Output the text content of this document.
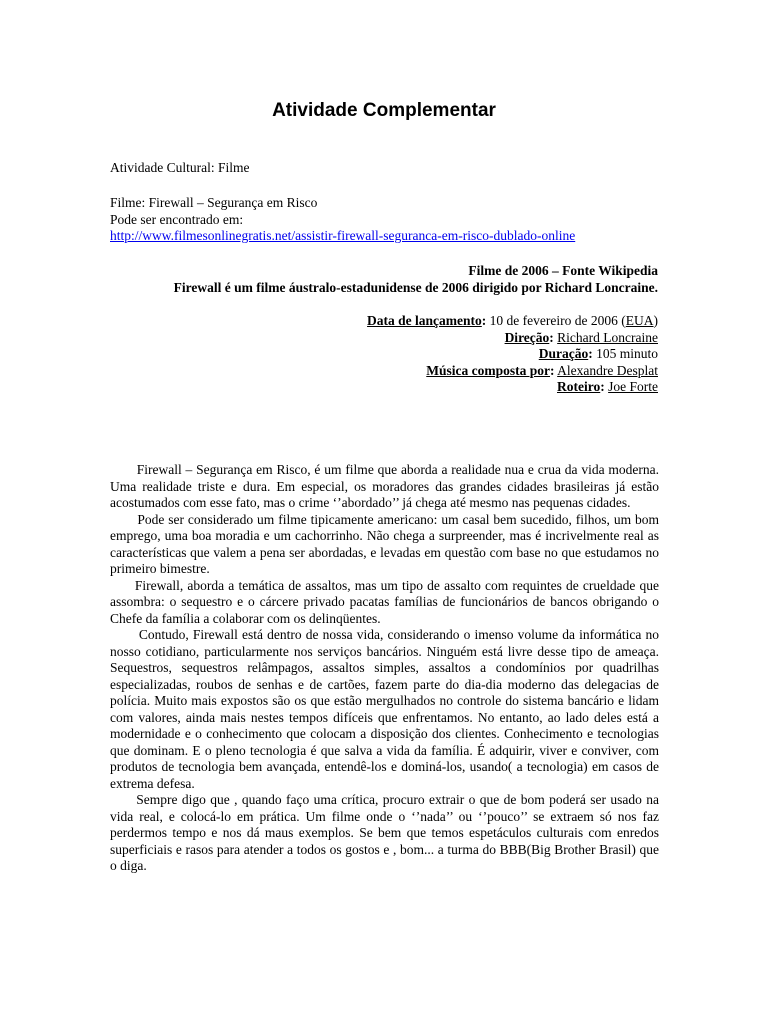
Atividade Complementar
Atividade Cultural: Filme
Filme: Firewall – Segurança em Risco
Pode ser encontrado em:
http://www.filmesonlinegratis.net/assistir-firewall-seguranca-em-risco-dublado-online
Filme de 2006 – Fonte Wikipedia
Firewall é um filme áustralo-estadunidense de 2006 dirigido por Richard Loncraine.
Data de lançamento: 10 de fevereiro de 2006 (EUA)
Direção: Richard Loncraine
Duração: 105 minuto
Música composta por: Alexandre Desplat
Roteiro: Joe Forte

Firewall – Segurança em Risco, é um filme que aborda a realidade nua e crua da vida moderna. Uma realidade triste e dura. Em especial, os moradores das grandes cidades brasileiras já estão acostumados com esse fato, mas o crime ‘’abordado’’ já chega até mesmo nas pequenas cidades.

Pode ser considerado um filme tipicamente americano: um casal bem sucedido, filhos, um bom emprego, uma boa moradia e um cachorrinho. Não chega a surpreender, mas é incrivelmente real as características que valem a pena ser abordadas, e levadas em questão com base no que estudamos no primeiro bimestre.

Firewall, aborda a temática de assaltos, mas um tipo de assalto com requintes de crueldade que assombra: o sequestro e o cárcere privado pacatas famílias de funcionários de bancos obrigando o Chefe da família a colaborar com os delinqüentes.

Contudo, Firewall está dentro de nossa vida, considerando o imenso volume da informática no nosso cotidiano, particularmente nos serviços bancários. Ninguém está livre desse tipo de ameaça. Sequestros, sequestros relâmpagos, assaltos simples, assaltos a condomínios por quadrilhas especializadas, roubos de senhas e de cartões, fazem parte do dia-dia moderno das delegacias de polícia. Muito mais expostos são os que estão mergulhados no controle do sistema bancário e lidam com valores, ainda mais nestes tempos difíceis que enfrentamos. No entanto, ao lado deles está a modernidade e o conhecimento que colocam a disposição dos clientes. Conhecimento e tecnologias que dominam. E o pleno tecnologia é que salva a vida da família. É adquirir, viver e conviver, com produtos de tecnologia bem avançada, entendê-los e dominá-los, usando( a tecnologia) em casos de extrema defesa.

Sempre digo que , quando faço uma crítica, procuro extrair o que de bom poderá ser usado na vida real, e colocá-lo em prática. Um filme onde o ‘’nada’’ ou ‘’pouco’’ se extraem só nos faz perdermos tempo e nos dá maus exemplos. Se bem que temos espetáculos culturais com enredos superficiais e rasos para atender a todos os gostos e , bom... a turma do BBB(Big Brother Brasil) que o diga.
